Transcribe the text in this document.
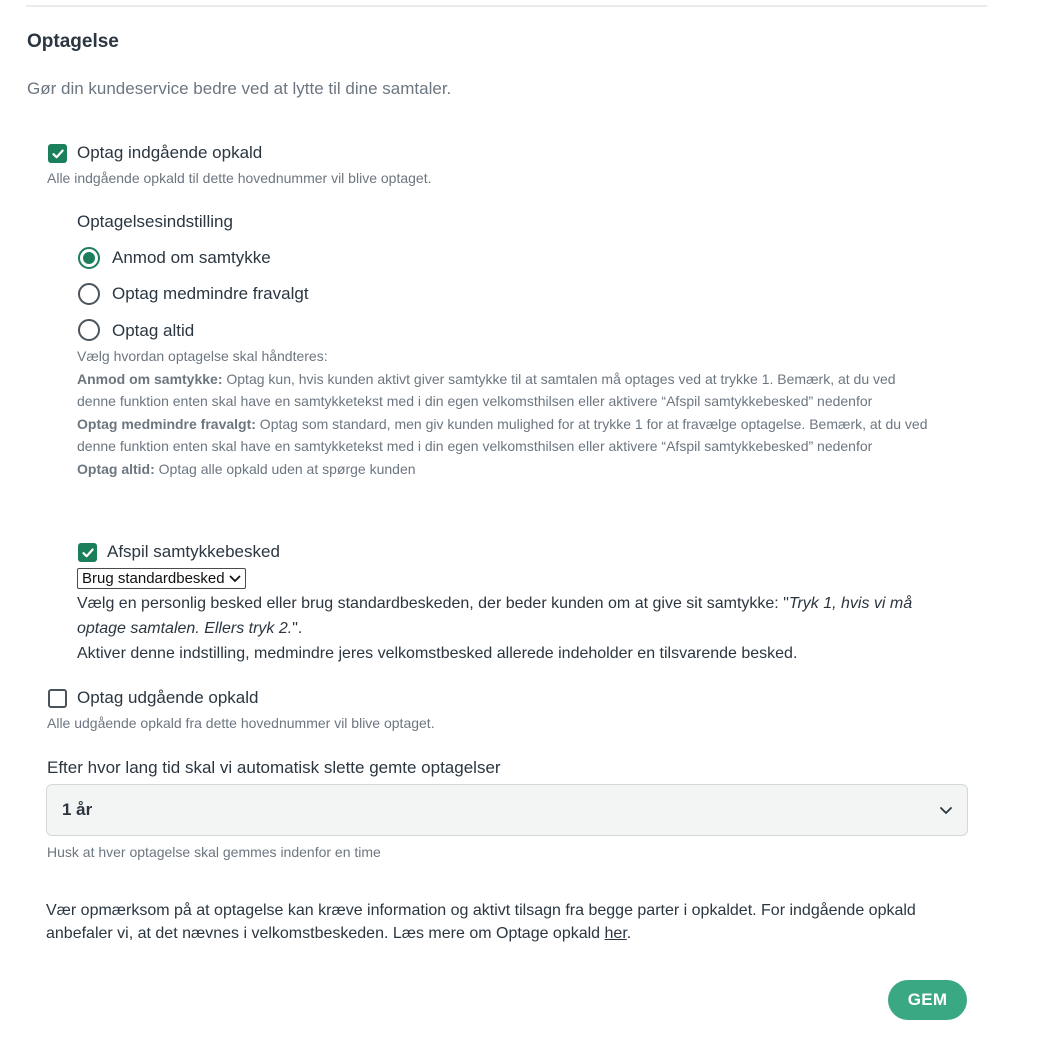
Optagelse
Gør din kundeservice bedre ved at lytte til dine samtaler.
Optag indgående opkald
Alle indgående opkald til dette hovednummer vil blive optaget.
Optagelsesindstilling
Anmod om samtykke
Optag medmindre fravalgt
Optag altid
Vælg hvordan optagelse skal håndteres:
Anmod om samtykke: Optag kun, hvis kunden aktivt giver samtykke til at samtalen må optages ved at trykke 1. Bemærk, at du ved denne funktion enten skal have en samtykketekst med i din egen velkomsthilsen eller aktivere “Afspil samtykkebesked” nedenfor
Optag medmindre fravalgt: Optag som standard, men giv kunden mulighed for at trykke 1 for at fravælge optagelse. Bemærk, at du ved denne funktion enten skal have en samtykketekst med i din egen velkomsthilsen eller aktivere “Afspil samtykkebesked” nedenfor
Optag altid: Optag alle opkald uden at spørge kunden
Afspil samtykkebesked
Brug standardbesked
Vælg en personlig besked eller brug standardbeskeden, der beder kunden om at give sit samtykke: "Tryk 1, hvis vi må optage samtalen. Ellers tryk 2.".
Aktiver denne indstilling, medmindre jeres velkomstbesked allerede indeholder en tilsvarende besked.
Optag udgående opkald
Alle udgående opkald fra dette hovednummer vil blive optaget.
Efter hvor lang tid skal vi automatisk slette gemte optagelser
1 år
Husk at hver optagelse skal gemmes indenfor en time
Vær opmærksom på at optagelse kan kræve information og aktivt tilsagn fra begge parter i opkaldet. For indgående opkald anbefaler vi, at det nævnes i velkomstbeskeden. Læs mere om Optage opkald her.
GEM
